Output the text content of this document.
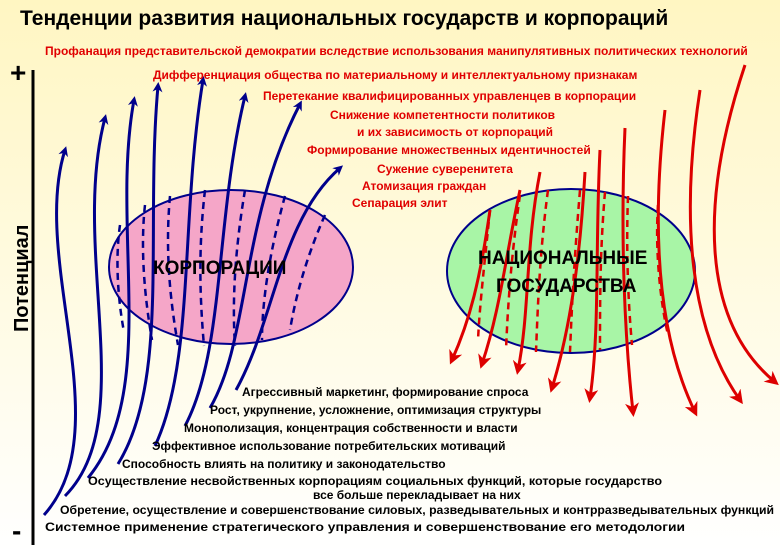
+
-
Потенциал
Тенденции развития национальных государств и корпораций
КОРПОРАЦИИ	НАЦИОНАЛЬНЫЕ
ГОСУДАРСТВА
Профанация представительской демократии вследствие использования манипулятивных политических технологий
Дифференциация общества по материальному и интеллектуальному признакам
Перетекание квалифицированных управленцев в корпорации
Снижение компетентности политиков
и их зависимость от корпораций
Формирование множественных идентичностей
Сужение суверенитета
Атомизация граждан
Сепарация элит
Агрессивный маркетинг, формирование спроса
Рост, укрупнение, усложнение, оптимизация структуры
Монополизация, концентрация собственности и власти
Эффективное использование потребительских мотиваций
Способность влиять на политику и законодательство
Осуществление несвойственных корпорациям социальных функций, которые государство
все больше перекладывает на них
Обретение, осуществление и совершенствование силовых, разведывательных и контрразведывательных функций
Системное применение стратегического управления и совершенствование его методологии
